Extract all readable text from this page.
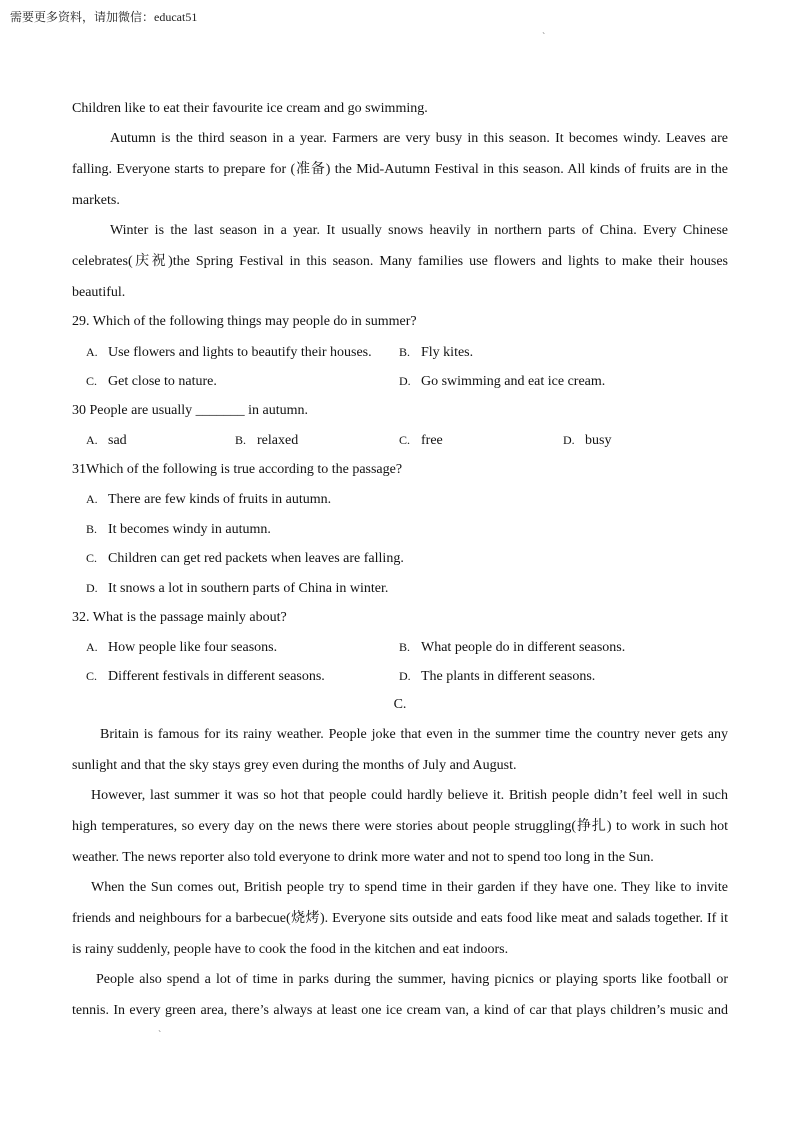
需要更多资料，请加微信：educat51
`
Children like to eat their favourite ice cream and go swimming.
Autumn is the third season in a year. Farmers are very busy in this season. It becomes windy. Leaves are
falling. Everyone starts to prepare for (准备) the Mid-Autumn Festival in this season. All kinds of fruits are in the
markets.
Winter is the last season in a year. It usually snows heavily in northern parts of China. Every Chinese
celebrates(庆祝)the Spring Festival in this season. Many families use flowers and lights to make their houses
beautiful.
29. Which of the following things may people do in summer?
A. Use flowers and lights to beautify their houses. B. Fly kites.
C. Get close to nature.	D. Go swimming and eat ice cream.
30 People are usually _______ in autumn.
A. sad	B. relaxed	C. free	D. busy
31Which of the following is true according to the passage?
A. There are few kinds of fruits in autumn.
B. It becomes windy in autumn.
C. Children can get red packets when leaves are falling.
D. It snows a lot in southern parts of China in winter.
32. What is the passage mainly about?
A. How people like four seasons.	B. What people do in different seasons.
C. Different festivals in different seasons.	D. The plants in different seasons.
C.
Britain is famous for its rainy weather. People joke that even in the summer time the country never gets any
sunlight and that the sky stays grey even during the months of July and August.
However, last summer it was so hot that people could hardly believe it. British people didn’t feel well in such
high temperatures, so every day on the news there were stories about people struggling(挣扎) to work in such hot
weather. The news reporter also told everyone to drink more water and not to spend too long in the Sun.
When the Sun comes out, British people try to spend time in their garden if they have one. They like to invite
friends and neighbours for a barbecue(烧烤). Everyone sits outside and eats food like meat and salads together. If it
is rainy suddenly, people have to cook the food in the kitchen and eat indoors.
People also spend a lot of time in parks during the summer, having picnics or playing sports like football or
tennis. In every green area, there’s always at least one ice cream van, a kind of car that plays children’s music and
`
